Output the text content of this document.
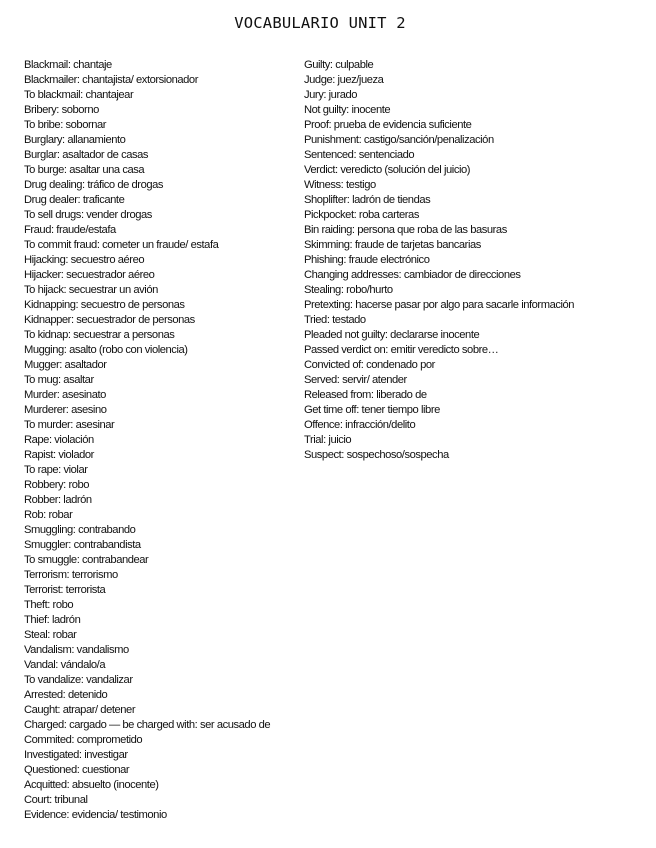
VOCABULARIO UNIT 2
Blackmail: chantaje
Blackmailer: chantajista/ extorsionador
To blackmail: chantajear
Bribery: soborno
To bribe: sobornar
Burglary: allanamiento
Burglar: asaltador de casas
To burge: asaltar una casa
Drug dealing: tráfico de drogas
Drug dealer: traficante
To sell drugs: vender drogas
Fraud: fraude/estafa
To commit fraud: cometer un fraude/ estafa
Hijacking: secuestro aéreo
Hijacker: secuestrador aéreo
To hijack: secuestrar un avión
Kidnapping: secuestro de personas
Kidnapper: secuestrador de personas
To kidnap: secuestrar a personas
Mugging: asalto (robo con violencia)
Mugger: asaltador
To mug: asaltar
Murder: asesinato
Murderer: asesino
To murder: asesinar
Rape: violación
Rapist: violador
To rape: violar
Robbery: robo
Robber: ladrón
Rob: robar
Smuggling: contrabando
Smuggler: contrabandista
To smuggle: contrabandear
Terrorism: terrorismo
Terrorist: terrorista
Theft: robo
Thief: ladrón
Steal: robar
Vandalism: vandalismo
Vandal: vándalo/a
To vandalize: vandalizar
Arrested: detenido
Caught: atrapar/ detener
Charged: cargado — be charged with: ser acusado de
Commited: comprometido
Investigated: investigar
Questioned: cuestionar
Acquitted: absuelto (inocente)
Court: tribunal
Evidence: evidencia/ testimonio
Guilty: culpable
Judge: juez/jueza
Jury: jurado
Not guilty: inocente
Proof: prueba de evidencia suficiente
Punishment: castigo/sanción/penalización
Sentenced: sentenciado
Verdict: veredicto (solución del juicio)
Witness: testigo
Shoplifter: ladrón de tiendas
Pickpocket: roba carteras
Bin raiding: persona que roba de las basuras
Skimming: fraude de tarjetas bancarias
Phishing: fraude electrónico
Changing addresses: cambiador de direcciones
Stealing: robo/hurto
Pretexting: hacerse pasar por algo para sacarle información
Tried: testado
Pleaded not guilty: declararse inocente
Passed verdict on: emitir veredicto sobre…
Convicted of: condenado por
Served: servir/ atender
Released from: liberado de
Get time off: tener tiempo libre
Offence: infracción/delito
Trial: juicio
Suspect: sospechoso/sospecha
